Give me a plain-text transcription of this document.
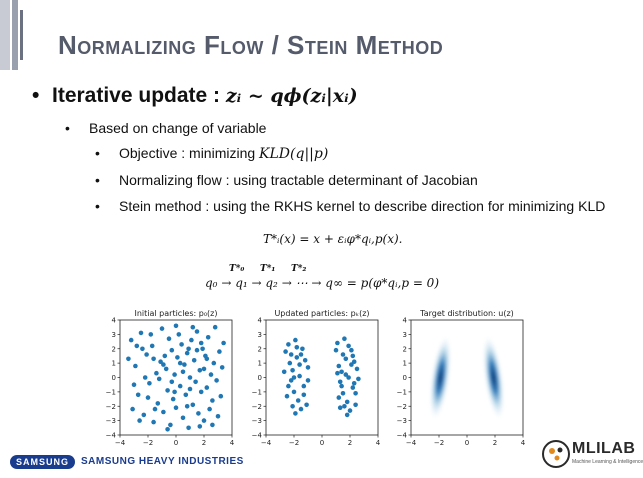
Normalizing Flow / Stein Method
• Iterative update : zᵢ ~ q𝝓(zᵢ|xᵢ)
• Based on change of variable
• Objective : minimizing KLD(q||p)
• Normalizing flow : using tractable determinant of Jacobian
•	Stein method : using the RKHS kernel to describe direction for minimizing KLD
T*ᵢ(x) = x + εᵢφ*qᵢ,p(x).
T*₀ T*₁ T*₂
q₀ → q₁ → q₂ → ⋯ → q∞ = p(φ*qᵢ,p = 0)
Initial particles: p₀(z)
−4	−2	0	2	4
4
3
2
1
0
−1
−2
−3
−4
Updated particles: pₖ(z)
−4	−2	0	2	4
4
3
2
1
0
−1
−2
−3
−4
Target distribution: u(z)
−4	−2	0	2	4
4
3
2
1
0
−1
−2
−3
−4
SAMSUNG SAMSUNG HEAVY INDUSTRIES
MLILAB
Machine Learning & Intelligence
